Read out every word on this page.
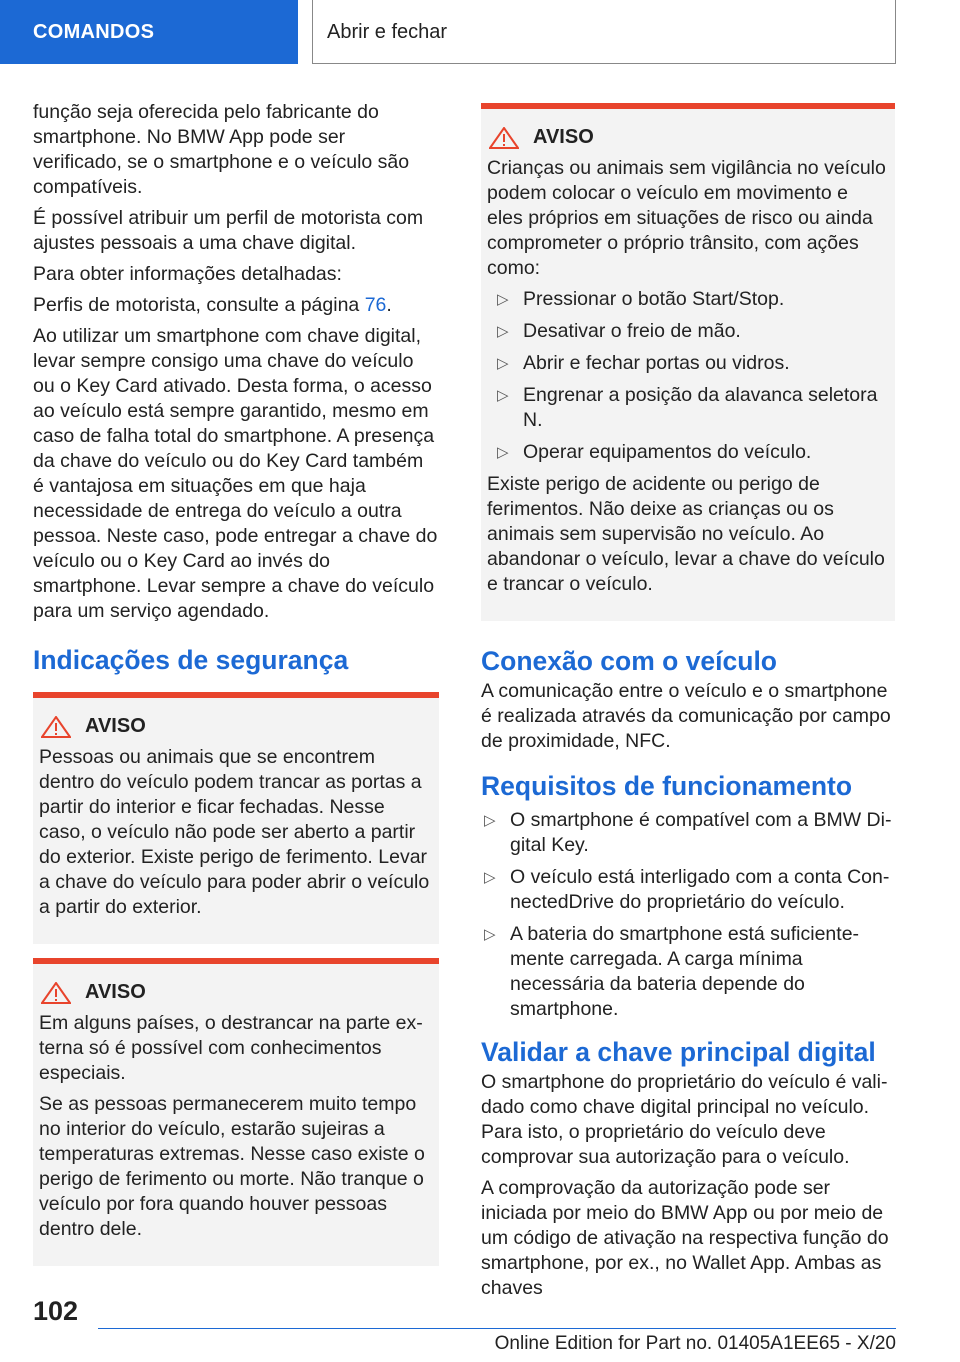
COMANDOS	Abrir e fechar

função seja oferecida pelo fabricante do smartphone. No BMW App pode ser verificado, se o smartphone e o veículo são compatíveis.

É possível atribuir um perfil de motorista com ajustes pessoais a uma chave digital.

Para obter informações detalhadas:

Perfis de motorista, consulte a página 76.

Ao utilizar um smartphone com chave digital, levar sempre consigo uma chave do veículo ou o Key Card ativado. Desta forma, o acesso ao veículo está sempre garantido, mesmo em caso de falha total do smartphone. A presença da chave do veículo ou do Key Card também é vantajosa em situações em que haja necessidade de entrega do veículo a outra pessoa. Neste caso, pode entregar a chave do veículo ou o Key Card ao invés do smartphone. Levar sempre a chave do veículo para um serviço agendado.

Indicações de segurança
AVISO

Pessoas ou animais que se encontrem dentro do veículo podem trancar as portas a partir do interior e ficar fechadas. Nesse caso, o veículo não pode ser aberto a partir do exterior. Existe perigo de ferimento. Levar a chave do veículo para poder abrir o veículo a partir do exterior.

AVISO

Em alguns países, o destrancar na parte externa só é possível com conhecimentos especiais.

Se as pessoas permanecerem muito tempo no interior do veículo, estarão sujeiras a temperaturas extremas. Nesse caso existe o perigo de ferimento ou morte. Não tranque o veículo por fora quando houver pessoas dentro dele.

AVISO

Crianças ou animais sem vigilância no veículo podem colocar o veículo em movimento e eles próprios em situações de risco ou ainda comprometer o próprio trânsito, com ações como:

▷ Pressionar o botão Start/Stop.
▷ Desativar o freio de mão.
▷ Abrir e fechar portas ou vidros.
▷ Engrenar a posição da alavanca seletora N.
▷ Operar equipamentos do veículo.

Existe perigo de acidente ou perigo de ferimentos. Não deixe as crianças ou os animais sem supervisão no veículo. Ao abandonar o veículo, levar a chave do veículo e trancar o veículo.

Conexão com o veículo

A comunicação entre o veículo e o smartphone é realizada através da comunicação por campo de proximidade, NFC.

Requisitos de funcionamento
▷ O smartphone é compatível com a BMW Digital Key.
▷ O veículo está interligado com a conta ConnectedDrive do proprietário do veículo.
▷ A bateria do smartphone está suficientemente carregada. A carga mínima necessária da bateria depende do smartphone.
Validar a chave principal digital

O smartphone do proprietário do veículo é validado como chave digital principal no veículo. Para isto, o proprietário do veículo deve comprovar sua autorização para o veículo.

A comprovação da autorização pode ser iniciada por meio do BMW App ou por meio de um código de ativação na respectiva função do smartphone, por ex., no Wallet App. Ambas as chaves

102
Online Edition for Part no. 01405A1EE65 - X/20
